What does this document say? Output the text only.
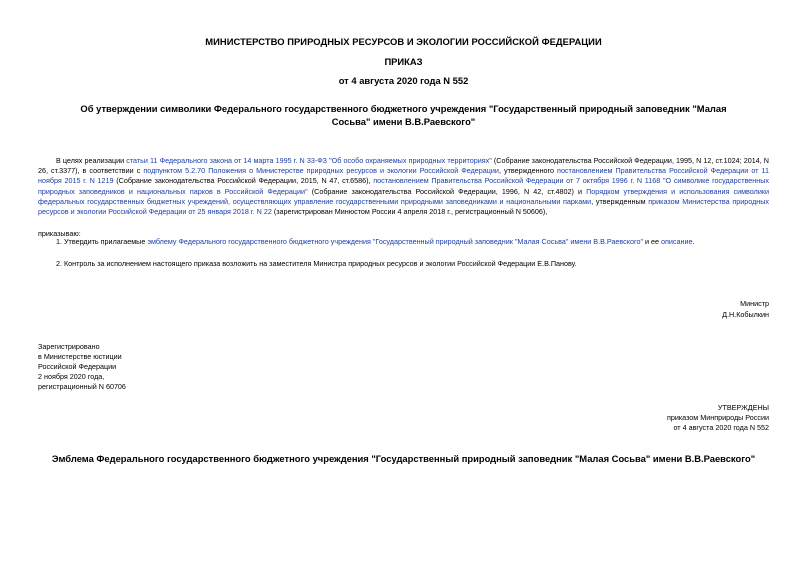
МИНИСТЕРСТВО ПРИРОДНЫХ РЕСУРСОВ И ЭКОЛОГИИ РОССИЙСКОЙ ФЕДЕРАЦИИ
ПРИКАЗ
от 4 августа 2020 года N 552
Об утверждении символики Федерального государственного бюджетного учреждения "Государственный природный заповедник "Малая Сосьва" имени В.В.Раевского"
В целях реализации статьи 11 Федерального закона от 14 марта 1995 г. N 33-ФЗ "Об особо охраняемых природных территориях" (Собрание законодательства Российской Федерации, 1995, N 12, ст.1024; 2014, N 26, ст.3377), в соответствии с подпунктом 5.2.70 Положения о Министерстве природных ресурсов и экологии Российской Федерации, утвержденного постановлением Правительства Российской Федерации от 11 ноября 2015 г. N 1219 (Собрание законодательства Российской Федерации, 2015, N 47, ст.6586), постановлением Правительства Российской Федерации от 7 октября 1996 г. N 1168 "О символике государственных природных заповедников и национальных парков в Российской Федерации" (Собрание законодательства Российской Федерации, 1996, N 42, ст.4802) и Порядком утверждения и использования символики федеральных государственных бюджетных учреждений, осуществляющих управление государственными природными заповедниками и национальными парками, утвержденным приказом Министерства природных ресурсов и экологии Российской Федерации от 25 января 2018 г. N 22 (зарегистрирован Минюстом России 4 апреля 2018 г., регистрационный N 50606),
приказываю:
1. Утвердить прилагаемые эмблему Федерального государственного бюджетного учреждения "Государственный природный заповедник "Малая Сосьва" имени В.В.Раевского" и ее описание.
2. Контроль за исполнением настоящего приказа возложить на заместителя Министра природных ресурсов и экологии Российской Федерации Е.В.Панову.
Министр
Д.Н.Кобылкин
Зарегистрировано
в Министерстве юстиции
Российской Федерации
2 ноября 2020 года,
регистрационный N 60706
УТВЕРЖДЕНЫ
приказом Минприроды России
от 4 августа 2020 года N 552
Эмблема Федерального государственного бюджетного учреждения "Государственный природный заповедник "Малая Сосьва" имени В.В.Раевского"
